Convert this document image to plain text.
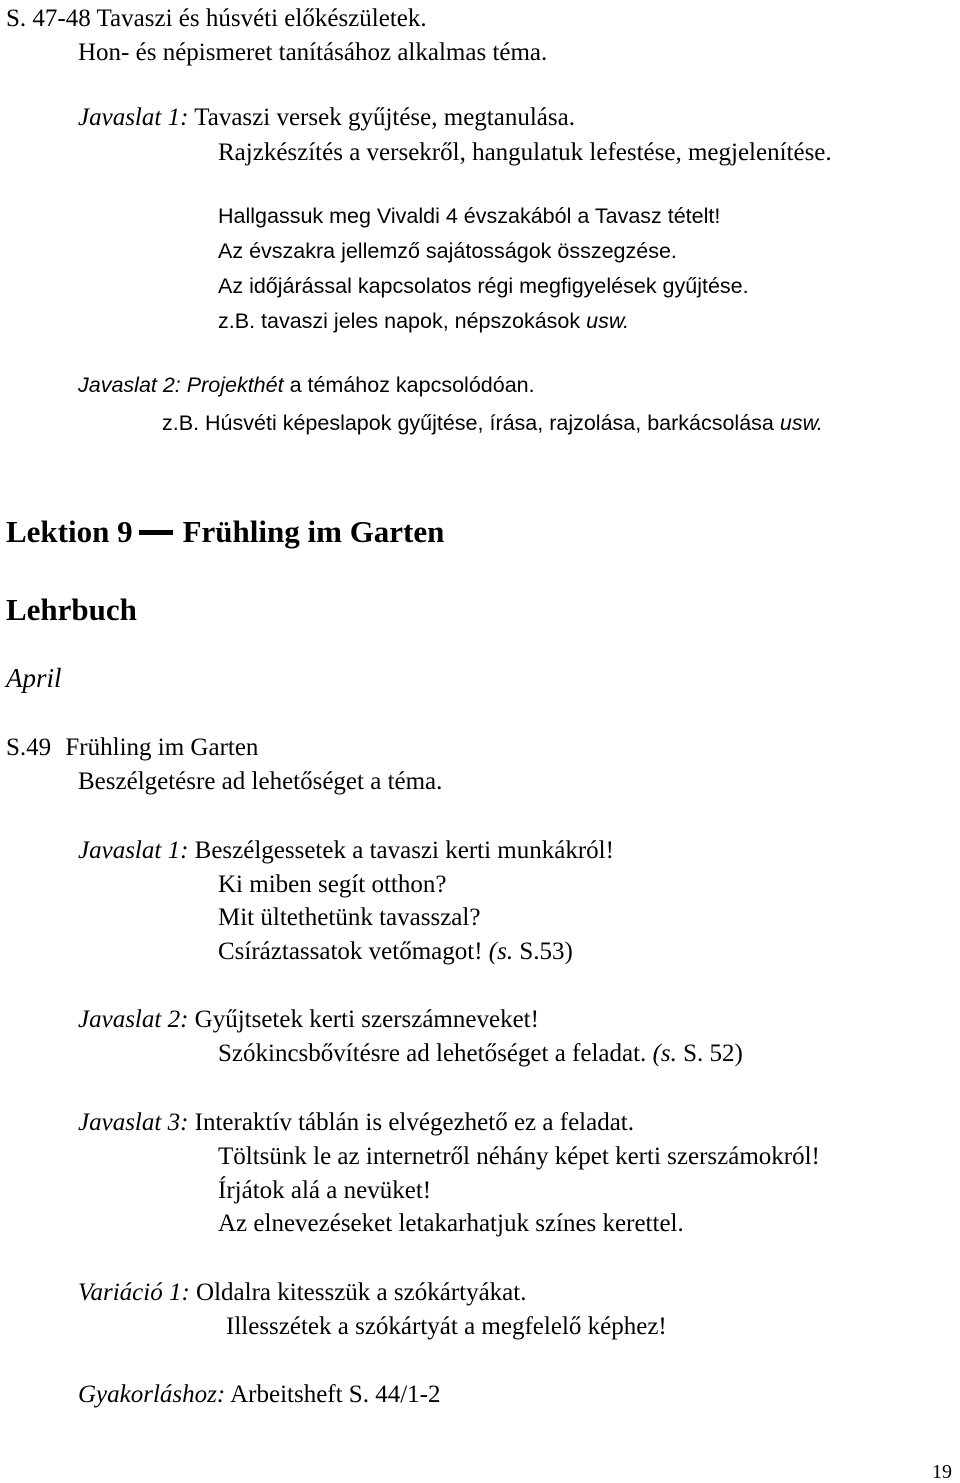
S. 47-48 Tavaszi és húsvéti előkészületek.

Hon- és népismeret tanításához alkalmas téma.

Javaslat 1: Tavaszi versek gyűjtése, megtanulása.

Rajzkészítés a versekről, hangulatuk lefestése, megjelenítése.

Hallgassuk meg Vivaldi 4 évszakából a Tavasz tételt!

Az évszakra jellemző sajátosságok összegzése.

Az időjárással kapcsolatos régi megfigyelések gyűjtése.

z.B. tavaszi jeles napok, népszokások usw.

Javaslat 2: Projekthét a témához kapcsolódóan.

z.B. Húsvéti képeslapok gyűjtése, írása, rajzolása, barkácsolása usw.

Lektion 9 Frühling im Garten

Lehrbuch

April

S.49 Frühling im Garten

Beszélgetésre ad lehetőséget a téma.

Javaslat 1: Beszélgessetek a tavaszi kerti munkákról!

Ki miben segít otthon?

Mit ültethetünk tavasszal?

Csíráztassatok vetőmagot! (s. S.53)

Javaslat 2: Gyűjtsetek kerti szerszámneveket!

Szókincsbővítésre ad lehetőséget a feladat. (s. S. 52)

Javaslat 3: Interaktív táblán is elvégezhető ez a feladat.

Töltsünk le az internetről néhány képet kerti szerszámokról!

Írjátok alá a nevüket!

Az elnevezéseket letakarhatjuk színes kerettel.

Variáció 1: Oldalra kitesszük a szókártyákat.

Illesszétek a szókártyát a megfelelő képhez!

Gyakorláshoz: Arbeitsheft S. 44/1-2

19
